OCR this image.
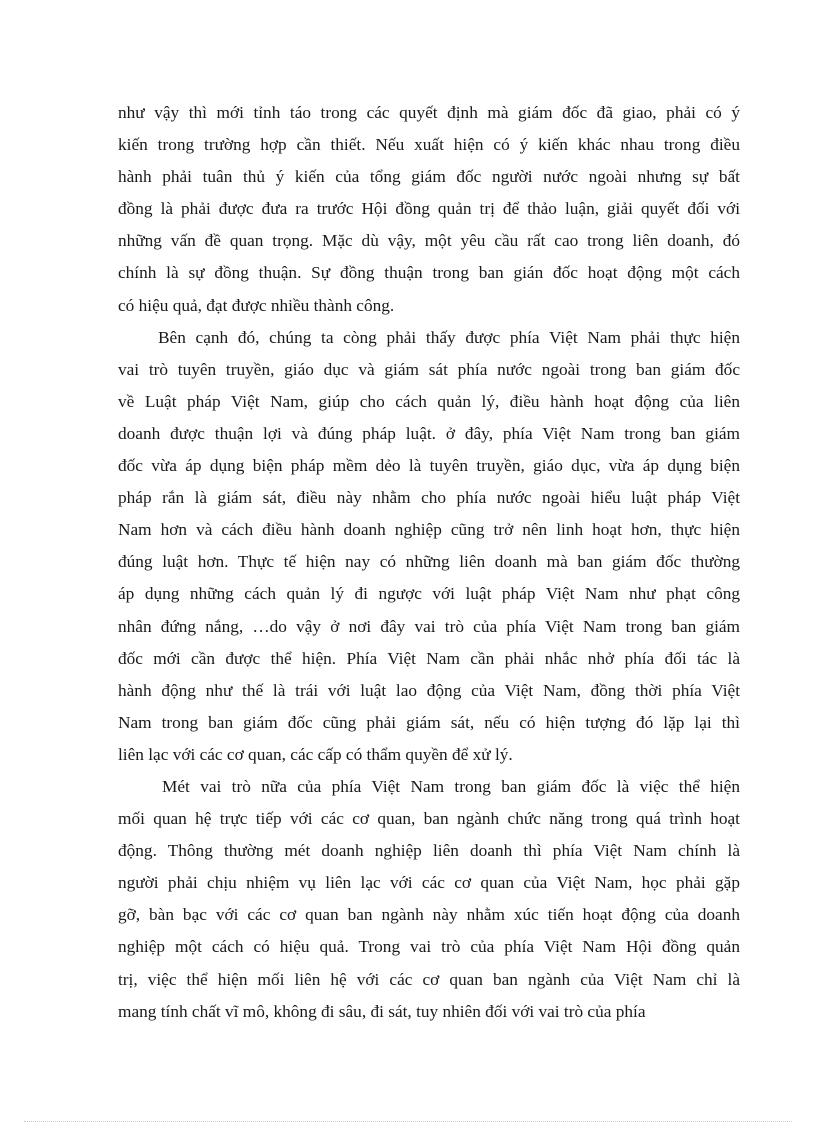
như vậy thì mới tỉnh táo trong các quyết định mà giám đốc đã giao, phải có ý
kiến trong trường hợp cần thiết. Nếu xuất hiện có ý kiến khác nhau trong điều
hành phải tuân thủ ý kiến của tổng giám đốc người nước ngoài nhưng sự bất
đồng là phải được đưa ra trước Hội đồng quản trị để thảo luận, giải quyết đối với
những vấn đề quan trọng. Mặc dù vậy, một yêu cầu rất cao trong liên doanh, đó
chính là sự đồng thuận. Sự đồng thuận trong ban gián đốc hoạt động một cách
có hiệu quả, đạt được nhiều thành công.
Bên cạnh đó, chúng ta còng phải thấy được phía Việt Nam phải thực hiện
vai trò tuyên truyền, giáo dục và giám sát phía nước ngoài trong ban giám đốc
về Luật pháp Việt Nam, giúp cho cách quản lý, điều hành hoạt động của liên
doanh được thuận lợi và đúng pháp luật. ở đây, phía Việt Nam trong ban giám
đốc vừa áp dụng biện pháp mềm dẻo là tuyên truyền, giáo dục, vừa áp dụng biện
pháp rắn là giám sát, điều này nhằm cho phía nước ngoài hiểu luật pháp Việt
Nam hơn và cách điều hành doanh nghiệp cũng trở nên linh hoạt hơn, thực hiện
đúng luật hơn. Thực tế hiện nay có những liên doanh mà ban giám đốc thường
áp dụng những cách quản lý đi ngược với luật pháp Việt Nam như phạt công
nhân đứng nắng, …do vậy ở nơi đây vai trò của phía Việt Nam trong ban giám
đốc mới cần được thể hiện. Phía Việt Nam cần phải nhắc nhở phía đối tác là
hành động như thế là trái với luật lao động của Việt Nam, đồng thời phía Việt
Nam trong ban giám đốc cũng phải giám sát, nếu có hiện tượng đó lặp lại thì
liên lạc với các cơ quan, các cấp có thẩm quyền để xử lý.
Mét vai trò nữa của phía Việt Nam trong ban giám đốc là việc thể hiện
mối quan hệ trực tiếp với các cơ quan, ban ngành chức năng trong quá trình hoạt
động. Thông thường mét doanh nghiệp liên doanh thì phía Việt Nam chính là
người phải chịu nhiệm vụ liên lạc với các cơ quan của Việt Nam, học phải gặp
gỡ, bàn bạc với các cơ quan ban ngành này nhằm xúc tiến hoạt động của doanh
nghiệp một cách có hiệu quả. Trong vai trò của phía Việt Nam Hội đồng quản
trị, việc thể hiện mối liên hệ với các cơ quan ban ngành của Việt Nam chỉ là
mang tính chất vĩ mô, không đi sâu, đi sát, tuy nhiên đối với vai trò của phía
